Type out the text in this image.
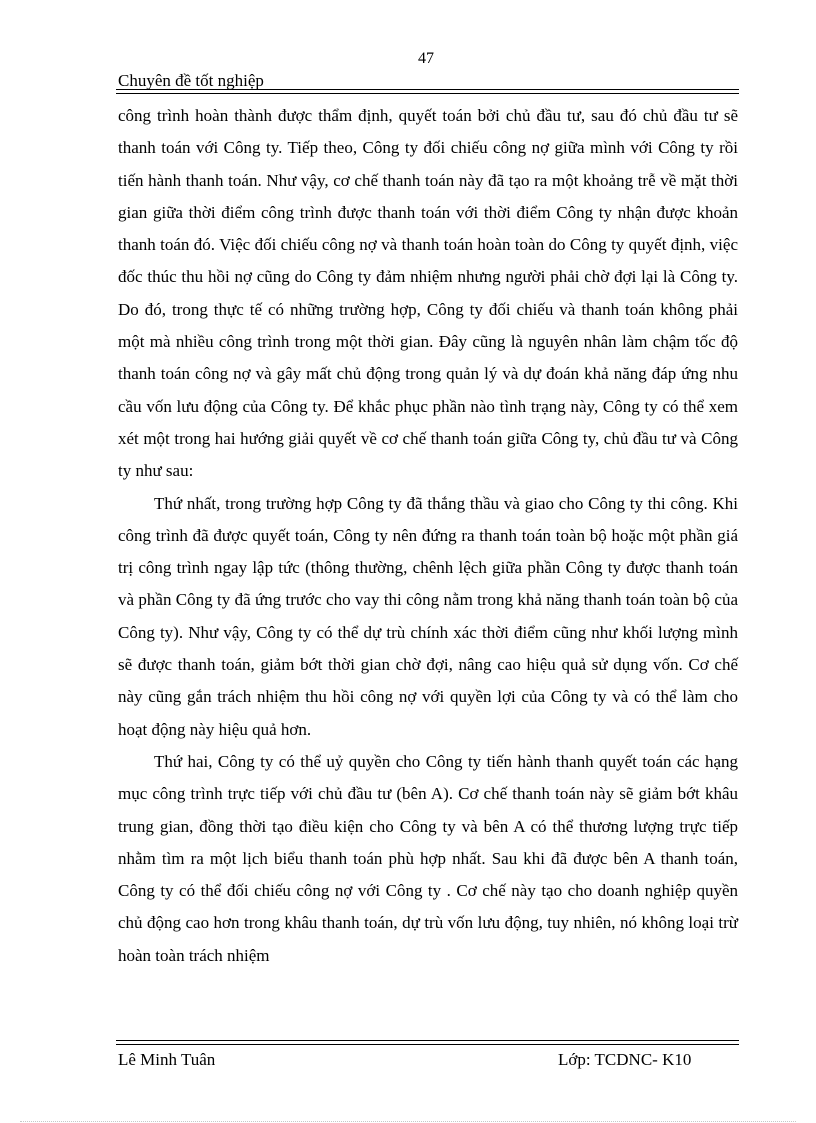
47
Chuyên đề tốt nghiệp

công trình hoàn thành được thẩm định, quyết toán bởi chủ đầu tư, sau đó chủ đầu tư sẽ thanh toán với Công ty. Tiếp theo, Công ty đối chiếu công nợ giữa mình với Công ty rồi tiến hành thanh toán. Như vậy, cơ chế thanh toán này đã tạo ra một khoảng trễ về mặt thời gian giữa thời điểm công trình được thanh toán với thời điểm Công ty nhận được khoản thanh toán đó. Việc đối chiếu công nợ và thanh toán hoàn toàn do Công ty quyết định, việc đốc thúc thu hồi nợ cũng do Công ty đảm nhiệm nhưng người phải chờ đợi lại là Công ty. Do đó, trong thực tế có những trường hợp, Công ty đối chiếu và thanh toán không phải một mà nhiều công trình trong một thời gian. Đây cũng là nguyên nhân làm chậm tốc độ thanh toán công nợ và gây mất chủ động trong quản lý và dự đoán khả năng đáp ứng nhu cầu vốn lưu động của Công ty. Để khắc phục phần nào tình trạng này, Công ty có thể xem xét một trong hai hướng giải quyết về cơ chế thanh toán giữa Công ty, chủ đầu tư và Công ty như sau:

Thứ nhất, trong trường hợp Công ty đã thắng thầu và giao cho Công ty thi công. Khi công trình đã được quyết toán, Công ty nên đứng ra thanh toán toàn bộ hoặc một phần giá trị công trình ngay lập tức (thông thường, chênh lệch giữa phần Công ty được thanh toán và phần Công ty đã ứng trước cho vay thi công nằm trong khả năng thanh toán toàn bộ của Công ty). Như vậy, Công ty có thể dự trù chính xác thời điểm cũng như khối lượng mình sẽ được thanh toán, giảm bớt thời gian chờ đợi, nâng cao hiệu quả sử dụng vốn. Cơ chế này cũng gắn trách nhiệm thu hồi công nợ với quyền lợi của Công ty và có thể làm cho hoạt động này hiệu quả hơn.

Thứ hai, Công ty có thể uỷ quyền cho Công ty tiến hành thanh quyết toán các hạng mục công trình trực tiếp với chủ đầu tư (bên A). Cơ chế thanh toán này sẽ giảm bớt khâu trung gian, đồng thời tạo điều kiện cho Công ty và bên A có thể thương lượng trực tiếp nhằm tìm ra một lịch biểu thanh toán phù hợp nhất. Sau khi đã được bên A thanh toán, Công ty có thể đối chiếu công nợ với Công ty . Cơ chế này tạo cho doanh nghiệp quyền chủ động cao hơn trong khâu thanh toán, dự trù vốn lưu động, tuy nhiên, nó không loại trừ hoàn toàn trách nhiệm

Lê Minh Tuân	Lớp: TCDNC- K10
